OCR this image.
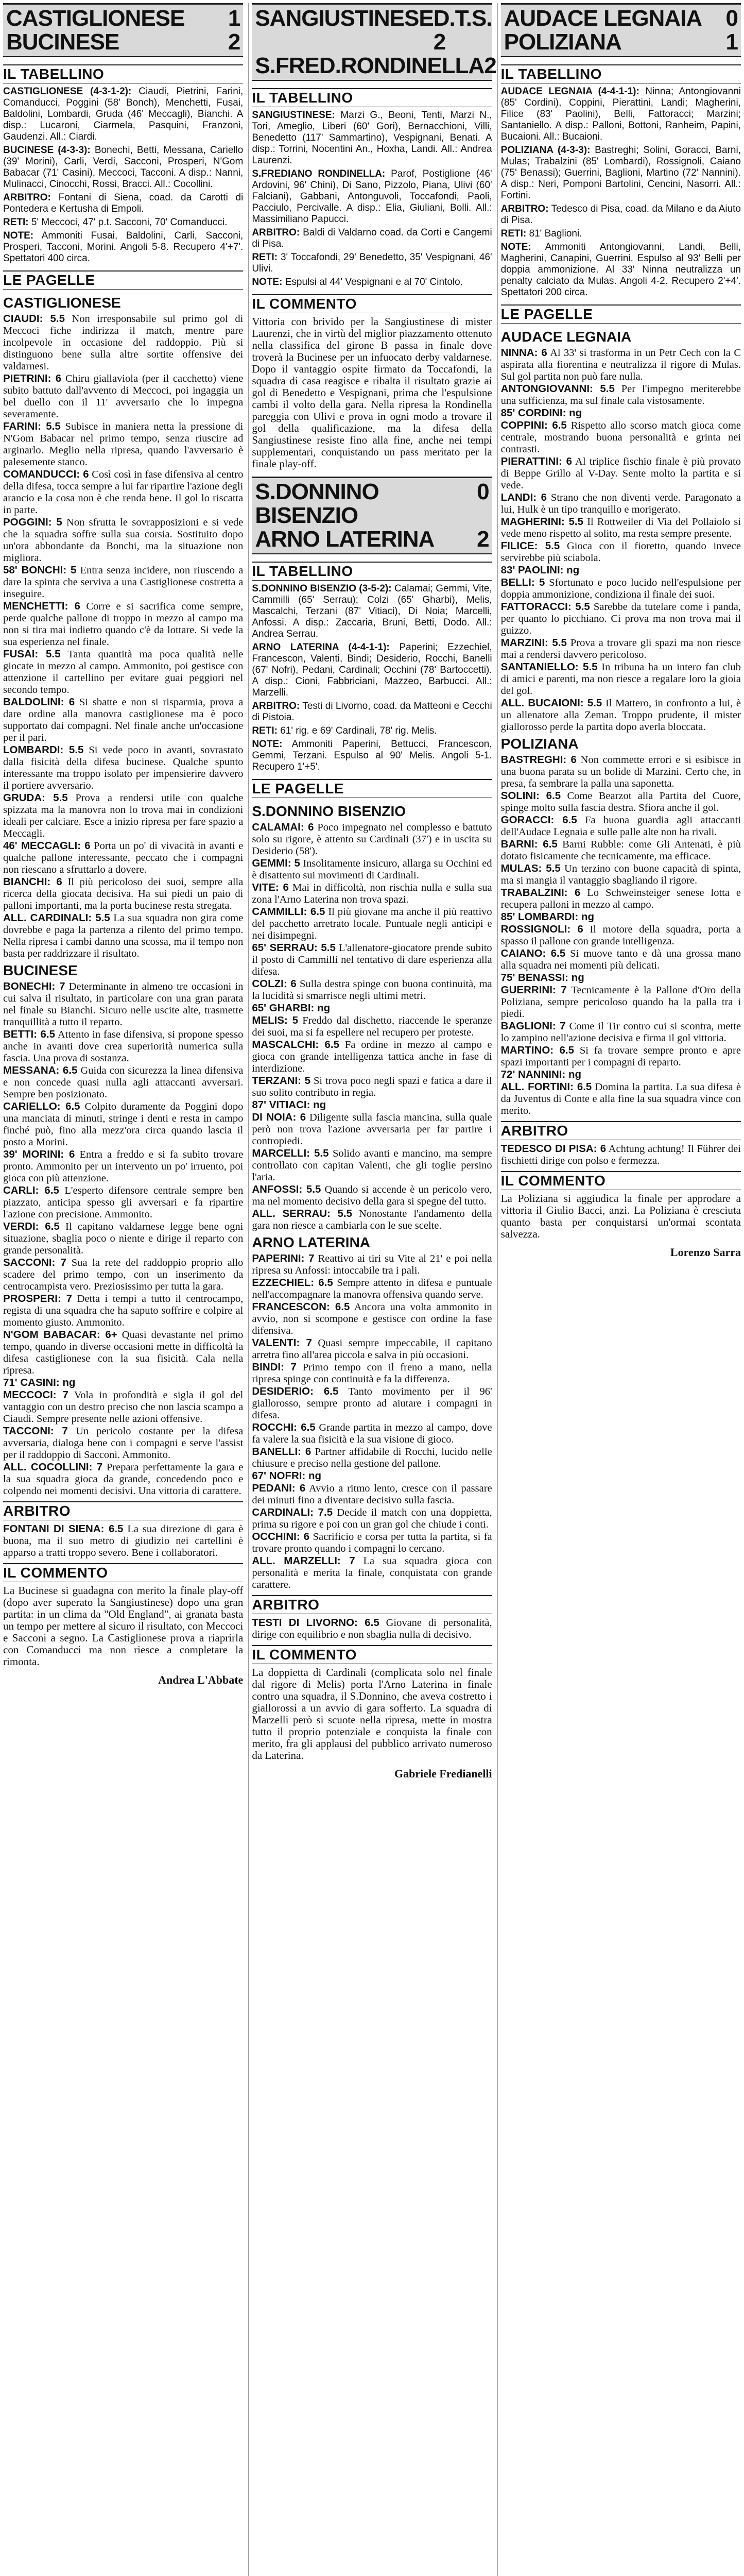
CASTIGLIONESE 1
BUCINESE	2
IL TABELLINO

CASTIGLIONESE (4-3-1-2): Ciaudi, Pietrini, Farini, Comanducci, Poggini (58' Bonch), Menchetti, Fusai, Baldolini, Lombardi, Gruda (46' Meccagli), Bianchi. A disp.: Lucaroni, Ciarmela, Pasquini, Franzoni, Gaudenzi. All.: Ciardi.

BUCINESE (4-3-3): Bonechi, Betti, Messana, Cariello (39' Morini), Carli, Verdi, Sacconi, Prosperi, N'Gom Babacar (71' Casini), Meccoci, Tacconi. A disp.: Nanni, Mulinacci, Cinocchi, Rossi, Bracci. All.: Cocollini.

ARBITRO: Fontani di Siena, coad. da Carotti di Pontedera e Kertusha di Empoli.

RETI: 5' Meccoci, 47' p.t. Sacconi, 70' Comanducci.

NOTE: Ammoniti Fusai, Baldolini, Carli, Sacconi, Prosperi, Tacconi, Morini. Angoli 5-8. Recupero 4'+7'. Spettatori 400 circa.

LE PAGELLE
CASTIGLIONESE

CIAUDI: 5.5 Non irresponsabile sul primo gol di Meccoci fiche indirizza il match, mentre pare incolpevole in occasione del raddoppio. Più si distinguono bene sulla altre sortite offensive dei valdarnesi.

PIETRINI: 6 Chiru giallaviola (per il cacchetto) viene subito battuto dall'avvento di Meccoci, poi ingaggia un bel duello con il 11' avversario che lo impegna severamente.

FARINI: 5.5 Subisce in maniera netta la pressione di N'Gom Babacar nel primo tempo, senza riuscire ad arginarlo. Meglio nella ripresa, quando l'avversario è palesemente stanco.

COMANDUCCI: 6 Così così in fase difensiva al centro della difesa, tocca sempre a lui far ripartire l'azione degli arancio e la cosa non è che renda bene. Il gol lo riscatta in parte.

POGGINI: 5 Non sfrutta le sovrapposizioni e si vede che la squadra soffre sulla sua corsia. Sostituito dopo un'ora abbondante da Bonchi, ma la situazione non migliora.

58' BONCHI: 5 Entra senza incidere, non riuscendo a dare la spinta che serviva a una Castiglionese costretta a inseguire.

MENCHETTI: 6 Corre e si sacrifica come sempre, perde qualche pallone di troppo in mezzo al campo ma non si tira mai indietro quando c'è da lottare. Si vede la sua esperienza nel finale.

FUSAI: 5.5 Tanta quantità ma poca qualità nelle giocate in mezzo al campo. Ammonito, poi gestisce con attenzione il cartellino per evitare guai peggiori nel secondo tempo.

BALDOLINI: 6 Si sbatte e non si risparmia, prova a dare ordine alla manovra castiglionese ma è poco supportato dai compagni. Nel finale anche un'occasione per il pari.

LOMBARDI: 5.5 Si vede poco in avanti, sovrastato dalla fisicità della difesa bucinese. Qualche spunto interessante ma troppo isolato per impensierire davvero il portiere avversario.

GRUDA: 5.5 Prova a rendersi utile con qualche spizzata ma la manovra non lo trova mai in condizioni ideali per calciare. Esce a inizio ripresa per fare spazio a Meccagli.

46' MECCAGLI: 6 Porta un po' di vivacità in avanti e qualche pallone interessante, peccato che i compagni non riescano a sfruttarlo a dovere.

BIANCHI: 6 Il più pericoloso dei suoi, sempre alla ricerca della giocata decisiva. Ha sui piedi un paio di palloni importanti, ma la porta bucinese resta stregata.

ALL. CARDINALI: 5.5 La sua squadra non gira come dovrebbe e paga la partenza a rilento del primo tempo. Nella ripresa i cambi danno una scossa, ma il tempo non basta per raddrizzare il risultato.

BUCINESE

BONECHI: 7 Determinante in almeno tre occasioni in cui salva il risultato, in particolare con una gran parata nel finale su Bianchi. Sicuro nelle uscite alte, trasmette tranquillità a tutto il reparto.

BETTI: 6.5 Attento in fase difensiva, si propone spesso anche in avanti dove crea superiorità numerica sulla fascia. Una prova di sostanza.

MESSANA: 6.5 Guida con sicurezza la linea difensiva e non concede quasi nulla agli attaccanti avversari. Sempre ben posizionato.

CARIELLO: 6.5 Colpito duramente da Poggini dopo una manciata di minuti, stringe i denti e resta in campo finché può, fino alla mezz'ora circa quando lascia il posto a Morini.

39' MORINI: 6 Entra a freddo e si fa subito trovare pronto. Ammonito per un intervento un po' irruento, poi gioca con più attenzione.

CARLI: 6.5 L'esperto difensore centrale sempre ben piazzato, anticipa spesso gli avversari e fa ripartire l'azione con precisione. Ammonito.

VERDI: 6.5 Il capitano valdarnese legge bene ogni situazione, sbaglia poco o niente e dirige il reparto con grande personalità.

SACCONI: 7 Sua la rete del raddoppio proprio allo scadere del primo tempo, con un inserimento da centrocampista vero. Preziosissimo per tutta la gara.

PROSPERI: 7 Detta i tempi a tutto il centrocampo, regista di una squadra che ha saputo soffrire e colpire al momento giusto. Ammonito.

N'GOM BABACAR: 6+ Quasi devastante nel primo tempo, quando in diverse occasioni mette in difficoltà la difesa castiglionese con la sua fisicità. Cala nella ripresa.

71' CASINI: ng

MECCOCI: 7 Vola in profondità e sigla il gol del vantaggio con un destro preciso che non lascia scampo a Ciaudi. Sempre presente nelle azioni offensive.

TACCONI: 7 Un pericolo costante per la difesa avversaria, dialoga bene con i compagni e serve l'assist per il raddoppio di Sacconi. Ammonito.

ALL. COCOLLINI: 7 Prepara perfettamente la gara e la sua squadra gioca da grande, concedendo poco e colpendo nei momenti decisivi. Una vittoria di carattere.

ARBITRO

FONTANI DI SIENA: 6.5 La sua direzione di gara è buona, ma il suo metro di giudizio nei cartellini è apparso a tratti troppo severo. Bene i collaboratori.

IL COMMENTO

La Bucinese si guadagna con merito la finale play-off (dopo aver superato la Sangiustinese) dopo una gran partita: in un clima da "Old England", ai granata basta un tempo per mettere al sicuro il risultato, con Meccoci e Sacconi a segno. La Castiglionese prova a riaprirla con Comanducci ma non riesce a completare la rimonta.

Andrea L'Abbate
SANGIUSTINESE D.T.S. 2
S.FRED.RONDINELLA 2
IL TABELLINO

SANGIUSTINESE: Marzi G., Beoni, Tenti, Marzi N., Tori, Ameglio, Liberi (60' Gori), Bernacchioni, Villi, Benedetto (117' Sammartino), Vespignani, Benati. A disp.: Torrini, Nocentini An., Hoxha, Landi. All.: Andrea Laurenzi.

S.FREDIANO RONDINELLA: Parof, Postiglione (46' Ardovini, 96' Chini), Di Sano, Pizzolo, Piana, Ulivi (60' Falciani), Gabbani, Antonguvoli, Toccafondi, Paoli, Pacciulo, Percivalle. A disp.: Elia, Giuliani, Bolli. All.: Massimiliano Papucci.

ARBITRO: Baldi di Valdarno coad. da Corti e Cangemi di Pisa.

RETI: 3' Toccafondi, 29' Benedetto, 35' Vespignani, 46' Ulivi.

NOTE: Espulsi al 44' Vespignani e al 70' Cintolo.

IL COMMENTO

Vittoria con brivido per la Sangiustinese di mister Laurenzi, che in virtù del miglior piazzamento ottenuto nella classifica del girone B passa in finale dove troverà la Bucinese per un infuocato derby valdarnese. Dopo il vantaggio ospite firmato da Toccafondi, la squadra di casa reagisce e ribalta il risultato grazie ai gol di Benedetto e Vespignani, prima che l'espulsione cambi il volto della gara. Nella ripresa la Rondinella pareggia con Ulivi e prova in ogni modo a trovare il gol della qualificazione, ma la difesa della Sangiustinese resiste fino alla fine, anche nei tempi supplementari, conquistando un pass meritato per la finale play-off.

S.DONNINO BISENZIO
0
ARNO LATERINA 2
IL TABELLINO

S.DONNINO BISENZIO (3-5-2): Calamai; Gemmi, Vite, Cammilli (65' Serrau); Colzi (65' Gharbi), Melis, Mascalchi, Terzani (87' Vitiaci), Di Noia; Marcelli, Anfossi. A disp.: Zaccaria, Bruni, Betti, Dodo. All.: Andrea Serrau.

ARNO LATERINA (4-4-1-1): Paperini; Ezzechiel, Francescon, Valenti, Bindi; Desiderio, Rocchi, Banelli (67' Nofri), Pedani, Cardinali; Occhini (78' Bartoccetti). A disp.: Cioni, Fabbriciani, Mazzeo, Barbucci. All.: Marzelli.

ARBITRO: Testi di Livorno, coad. da Matteoni e Cecchi di Pistoia.

RETI: 61' rig. e 69' Cardinali, 78' rig. Melis.

NOTE: Ammoniti Paperini, Bettucci, Francescon, Gemmi, Terzani. Espulso al 90' Melis. Angoli 5-1. Recupero 1'+5'.

LE PAGELLE
S.DONNINO BISENZIO

CALAMAI: 6 Poco impegnato nel complesso e battuto solo su rigore, è attento su Cardinali (37') e in uscita su Desiderio (58').

GEMMI: 5 Insolitamente insicuro, allarga su Occhini ed è disattento sui movimenti di Cardinali.

VITE: 6 Mai in difficoltà, non rischia nulla e sulla sua zona l'Arno Laterina non trova spazi.

CAMMILLI: 6.5 Il più giovane ma anche il più reattivo del pacchetto arretrato locale. Puntuale negli anticipi e nei disimpegni.

65' SERRAU: 5.5 L'allenatore-giocatore prende subito il posto di Cammilli nel tentativo di dare esperienza alla difesa.

COLZI: 6 Sulla destra spinge con buona continuità, ma la lucidità si smarrisce negli ultimi metri.

65' GHARBI: ng

MELIS: 5 Freddo dal dischetto, riaccende le speranze dei suoi, ma si fa espellere nel recupero per proteste.

MASCALCHI: 6.5 Fa ordine in mezzo al campo e gioca con grande intelligenza tattica anche in fase di interdizione.

TERZANI: 5 Si trova poco negli spazi e fatica a dare il suo solito contributo in regia.

87' VITIACI: ng

DI NOIA: 6 Diligente sulla fascia mancina, sulla quale però non trova l'azione avversaria per far partire i contropiedi.

MARCELLI: 5.5 Solido avanti e mancino, ma sempre controllato con capitan Valenti, che gli toglie persino l'aria.

ANFOSSI: 5.5 Quando si accende è un pericolo vero, ma nel momento decisivo della gara si spegne del tutto.

ALL. SERRAU: 5.5 Nonostante l'andamento della gara non riesce a cambiarla con le sue scelte.

ARNO LATERINA

PAPERINI: 7 Reattivo ai tiri su Vite al 21' e poi nella ripresa su Anfossi: intoccabile tra i pali.

EZZECHIEL: 6.5 Sempre attento in difesa e puntuale nell'accompagnare la manovra offensiva quando serve.

FRANCESCON: 6.5 Ancora una volta ammonito in avvio, non si scompone e gestisce con ordine la fase difensiva.

VALENTI: 7 Quasi sempre impeccabile, il capitano arretra fino all'area piccola e salva in più occasioni.

BINDI: 7 Primo tempo con il freno a mano, nella ripresa spinge con continuità e fa la differenza.

DESIDERIO: 6.5 Tanto movimento per il 96' giallorosso, sempre pronto ad aiutare i compagni in difesa.

ROCCHI: 6.5 Grande partita in mezzo al campo, dove fa valere la sua fisicità e la sua visione di gioco.

BANELLI: 6 Partner affidabile di Rocchi, lucido nelle chiusure e preciso nella gestione del pallone.

67' NOFRI: ng

PEDANI: 6 Avvio a ritmo lento, cresce con il passare dei minuti fino a diventare decisivo sulla fascia.

CARDINALI: 7.5 Decide il match con una doppietta, prima su rigore e poi con un gran gol che chiude i conti.

OCCHINI: 6 Sacrificio e corsa per tutta la partita, si fa trovare pronto quando i compagni lo cercano.

ALL. MARZELLI: 7 La sua squadra gioca con personalità e merita la finale, conquistata con grande carattere.

ARBITRO

TESTI DI LIVORNO: 6.5 Giovane di personalità, dirige con equilibrio e non sbaglia nulla di decisivo.

IL COMMENTO

La doppietta di Cardinali (complicata solo nel finale dal rigore di Melis) porta l'Arno Laterina in finale contro una squadra, il S.Donnino, che aveva costretto i giallorossi a un avvio di gara sofferto. La squadra di Marzelli però si scuote nella ripresa, mette in mostra tutto il proprio potenziale e conquista la finale con merito, fra gli applausi del pubblico arrivato numeroso da Laterina.

Gabriele Fredianelli
AUDACE LEGNAIA 0
POLIZIANA	1
IL TABELLINO

AUDACE LEGNAIA (4-4-1-1): Ninna; Antongiovanni (85' Cordini), Coppini, Pierattini, Landi; Magherini, Filice (83' Paolini), Belli, Fattoracci; Marzini; Santaniello. A disp.: Palloni, Bottoni, Ranheim, Papini, Bucaioni. All.: Bucaioni.

POLIZIANA (4-3-3): Bastreghi; Solini, Goracci, Barni, Mulas; Trabalzini (85' Lombardi), Rossignoli, Caiano (75' Benassi); Guerrini, Baglioni, Martino (72' Nannini). A disp.: Neri, Pomponi Bartolini, Cencini, Nasorri. All.: Fortini.

ARBITRO: Tedesco di Pisa, coad. da Milano e da Aiuto di Pisa.

RETI: 81' Baglioni.

NOTE: Ammoniti Antongiovanni, Landi, Belli, Magherini, Canapini, Guerrini. Espulso al 93' Belli per doppia ammonizione. Al 33' Ninna neutralizza un penalty calciato da Mulas. Angoli 4-2. Recupero 2'+4'. Spettatori 200 circa.

LE PAGELLE
AUDACE LEGNAIA

NINNA: 6 Al 33' si trasforma in un Petr Cech con la C aspirata alla fiorentina e neutralizza il rigore di Mulas. Sul gol partita non può fare nulla.

ANTONGIOVANNI: 5.5 Per l'impegno meriterebbe una sufficienza, ma sul finale cala vistosamente.

85' CORDINI: ng

COPPINI: 6.5 Rispetto allo scorso match gioca come centrale, mostrando buona personalità e grinta nei contrasti.

PIERATTINI: 6 Al triplice fischio finale è più provato di Beppe Grillo al V-Day. Sente molto la partita e si vede.

LANDI: 6 Strano che non diventi verde. Paragonato a lui, Hulk è un tipo tranquillo e morigerato.

MAGHERINI: 5.5 Il Rottweiler di Via del Pollaiolo si vede meno rispetto al solito, ma resta sempre presente.

FILICE: 5.5 Gioca con il fioretto, quando invece servirebbe più sciabola.

83' PAOLINI: ng

BELLI: 5 Sfortunato e poco lucido nell'espulsione per doppia ammonizione, condiziona il finale dei suoi.

FATTORACCI: 5.5 Sarebbe da tutelare come i panda, per quanto lo picchiano. Ci prova ma non trova mai il guizzo.

MARZINI: 5.5 Prova a trovare gli spazi ma non riesce mai a rendersi davvero pericoloso.

SANTANIELLO: 5.5 In tribuna ha un intero fan club di amici e parenti, ma non riesce a regalare loro la gioia del gol.

ALL. BUCAIONI: 5.5 Il Mattero, in confronto a lui, è un allenatore alla Zeman. Troppo prudente, il mister giallorosso perde la partita dopo averla bloccata.

POLIZIANA

BASTREGHI: 6 Non commette errori e si esibisce in una buona parata su un bolide di Marzini. Certo che, in presa, fa sembrare la palla una saponetta.

SOLINI: 6.5 Come Bearzot alla Partita del Cuore, spinge molto sulla fascia destra. Sfiora anche il gol.

GORACCI: 6.5 Fa buona guardia agli attaccanti dell'Audace Legnaia e sulle palle alte non ha rivali.

BARNI: 6.5 Barni Rubble: come Gli Antenati, è più dotato fisicamente che tecnicamente, ma efficace.

MULAS: 5.5 Un terzino con buone capacità di spinta, ma si mangia il vantaggio sbagliando il rigore.

TRABALZINI: 6 Lo Schweinsteiger senese lotta e recupera palloni in mezzo al campo.

85' LOMBARDI: ng

ROSSIGNOLI: 6 Il motore della squadra, porta a spasso il pallone con grande intelligenza.

CAIANO: 6.5 Si muove tanto e dà una grossa mano alla squadra nei momenti più delicati.

75' BENASSI: ng

GUERRINI: 7 Tecnicamente è la Pallone d'Oro della Poliziana, sempre pericoloso quando ha la palla tra i piedi.

BAGLIONI: 7 Come il Tir contro cui si scontra, mette lo zampino nell'azione decisiva e firma il gol vittoria.

MARTINO: 6.5 Si fa trovare sempre pronto e apre spazi importanti per i compagni di reparto.

72' NANNINI: ng

ALL. FORTINI: 6.5 Domina la partita. La sua difesa è da Juventus di Conte e alla fine la sua squadra vince con merito.

ARBITRO

TEDESCO DI PISA: 6 Achtung achtung! Il Führer dei fischietti dirige con polso e fermezza.

IL COMMENTO

La Poliziana si aggiudica la finale per approdare a vittoria il Giulio Bacci, anzi. La Poliziana è cresciuta quanto basta per conquistarsi un'ormai scontata salvezza.

Lorenzo Sarra
